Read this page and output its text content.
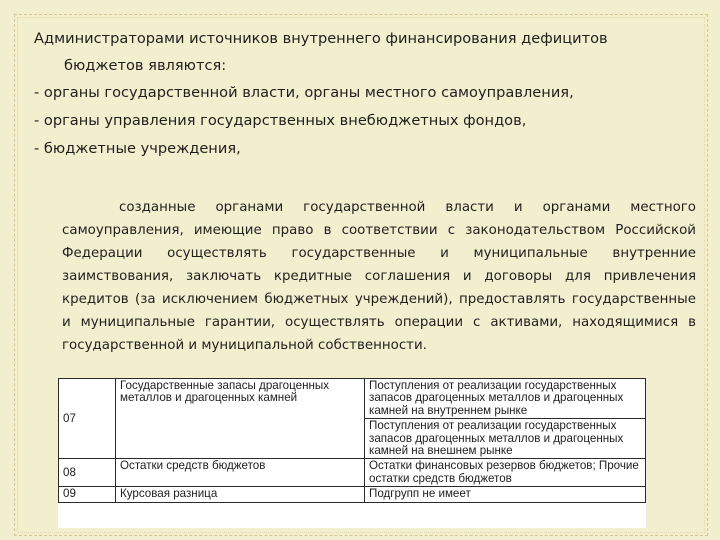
Администраторами источников внутреннего финансирования дефицитов
бюджетов являются:
- органы государственной власти, органы местного самоуправления,
- органы управления государственных внебюджетных фондов,
- бюджетные учреждения,
созданные органами государственной власти и органами местного самоуправления, имеющие право в соответствии с законодательством Российской Федерации осуществлять государственные и муниципальные внутренние заимствования, заключать кредитные соглашения и договоры для привлечения кредитов (за исключением бюджетных учреждений), предоставлять государственные и муниципальные гарантии, осуществлять операции с активами, находящимися в государственной и муниципальной собственности.
07	Государственные запасы драгоценных металлов и драгоценных камней	Поступления от реализации государственных запасов драгоценных металлов и драгоценных камней на внутреннем рынке
		Поступления от реализации государственных запасов драгоценных металлов и драгоценных камней на внешнем рынке
08	Остатки средств бюджетов	Остатки финансовых резервов бюджетов; Прочие остатки средств бюджетов
09	Курсовая разница	Подгрупп не имеет
